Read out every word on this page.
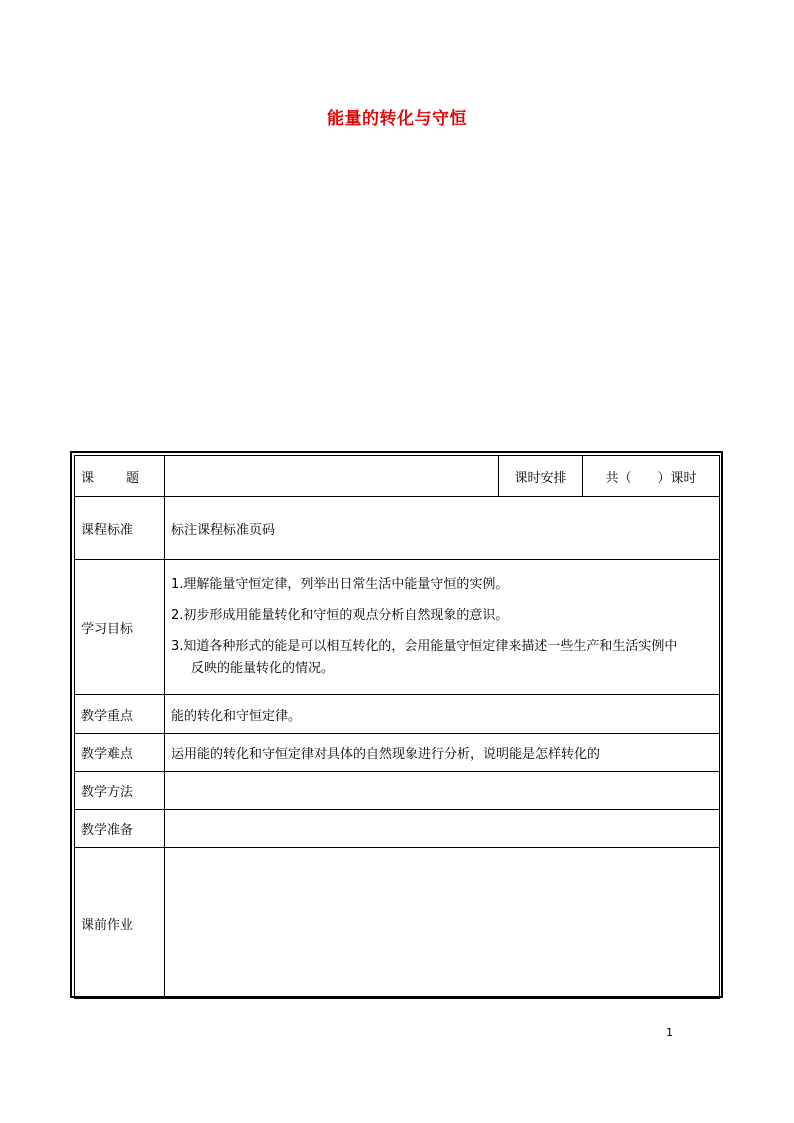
能量的转化与守恒
课 题		课时安排	共（　　）课时
课程标准	标注课程标准页码		
学习目标	1.理解能量守恒定律，列举出日常生活中能量守恒的实例。

2.初步形成用能量转化和守恒的观点分析自然现象的意识。

3.知道各种形式的能是可以相互转化的，会用能量守恒定律来描述一些生产和生活实例中
反映的能量转化的情况。		

教学重点	能的转化和守恒定律。		
教学难点	运用能的转化和守恒定律对具体的自然现象进行分析，说明能是怎样转化的		
教学方法			
教学准备			
课前作业			
1
